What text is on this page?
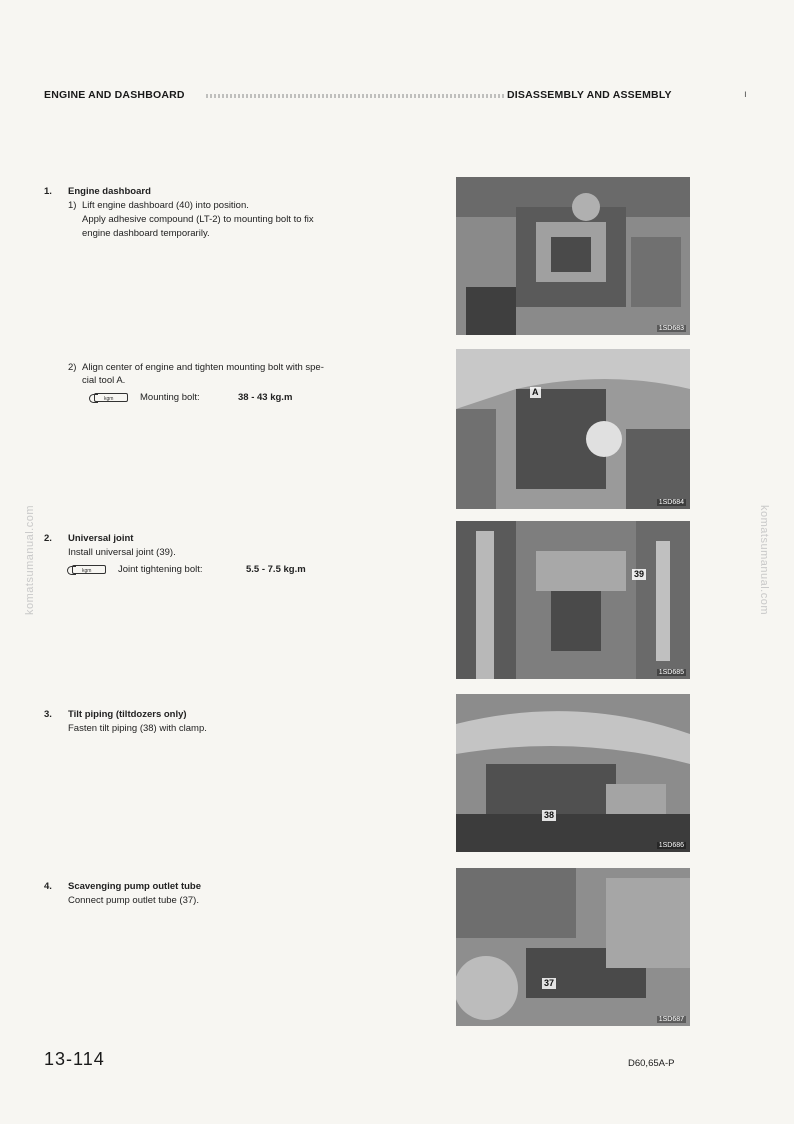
ENGINE AND DASHBOARD	DISASSEMBLY AND ASSEMBLY	ı
komatsumanual.com	komatsumanual.com
1. Engine dashboard
1) Lift engine dashboard (40) into position.
Apply adhesive compound (LT-2) to mounting bolt to fix
engine dashboard temporarily.
2) Align center of engine and tighten mounting bolt with spe-
cial tool A.
kgm	Mounting bolt:	38 - 43 kg.m
2. Universal joint
Install universal joint (39).
kgm	Joint tightening bolt:	5.5 - 7.5 kg.m
3. Tilt piping (tiltdozers only)
Fasten tilt piping (38) with clamp.
4. Scavenging pump outlet tube
Connect pump outlet tube (37).
1SD683
A
1SD684
39
1SD685
38
1SD686
37
1SD687
13-114	D60,65A-P
